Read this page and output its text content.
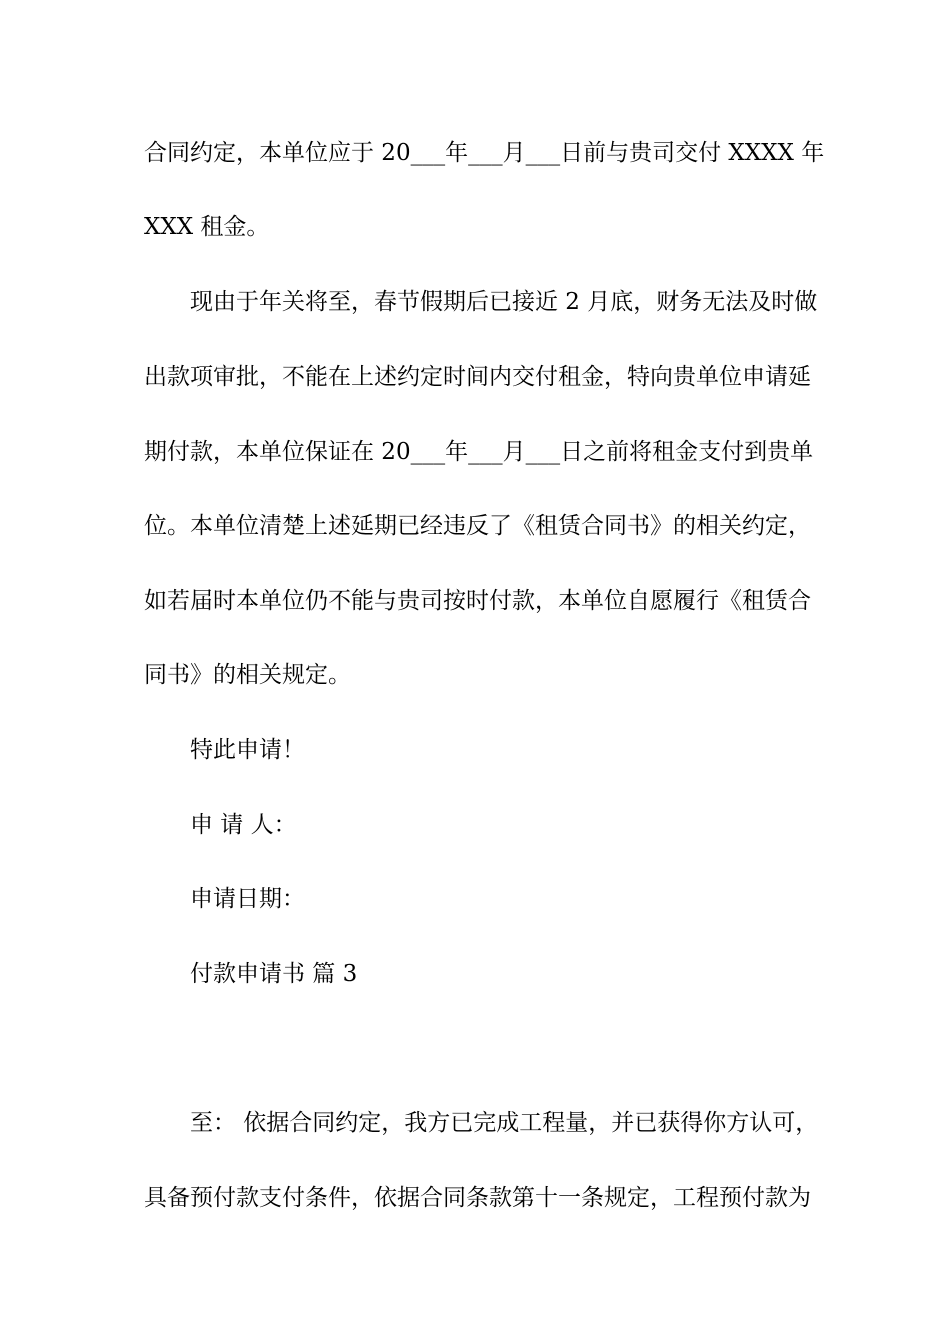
合同约定，本单位应于 20___年___月___日前与贵司交付 XXXX 年
XXX 租金。
现由于年关将至，春节假期后已接近 2 月底，财务无法及时做
出款项审批，不能在上述约定时间内交付租金，特向贵单位申请延
期付款，本单位保证在 20___年___月___日之前将租金支付到贵单
位。本单位清楚上述延期已经违反了《租赁合同书》的相关约定，
如若届时本单位仍不能与贵司按时付款，本单位自愿履行《租赁合
同书》的相关规定。
特此申请！
申 请 人：
申请日期：
付款申请书 篇 3
至： 依据合同约定，我方已完成工程量，并已获得你方认可，
具备预付款支付条件，依据合同条款第十一条规定，工程预付款为
